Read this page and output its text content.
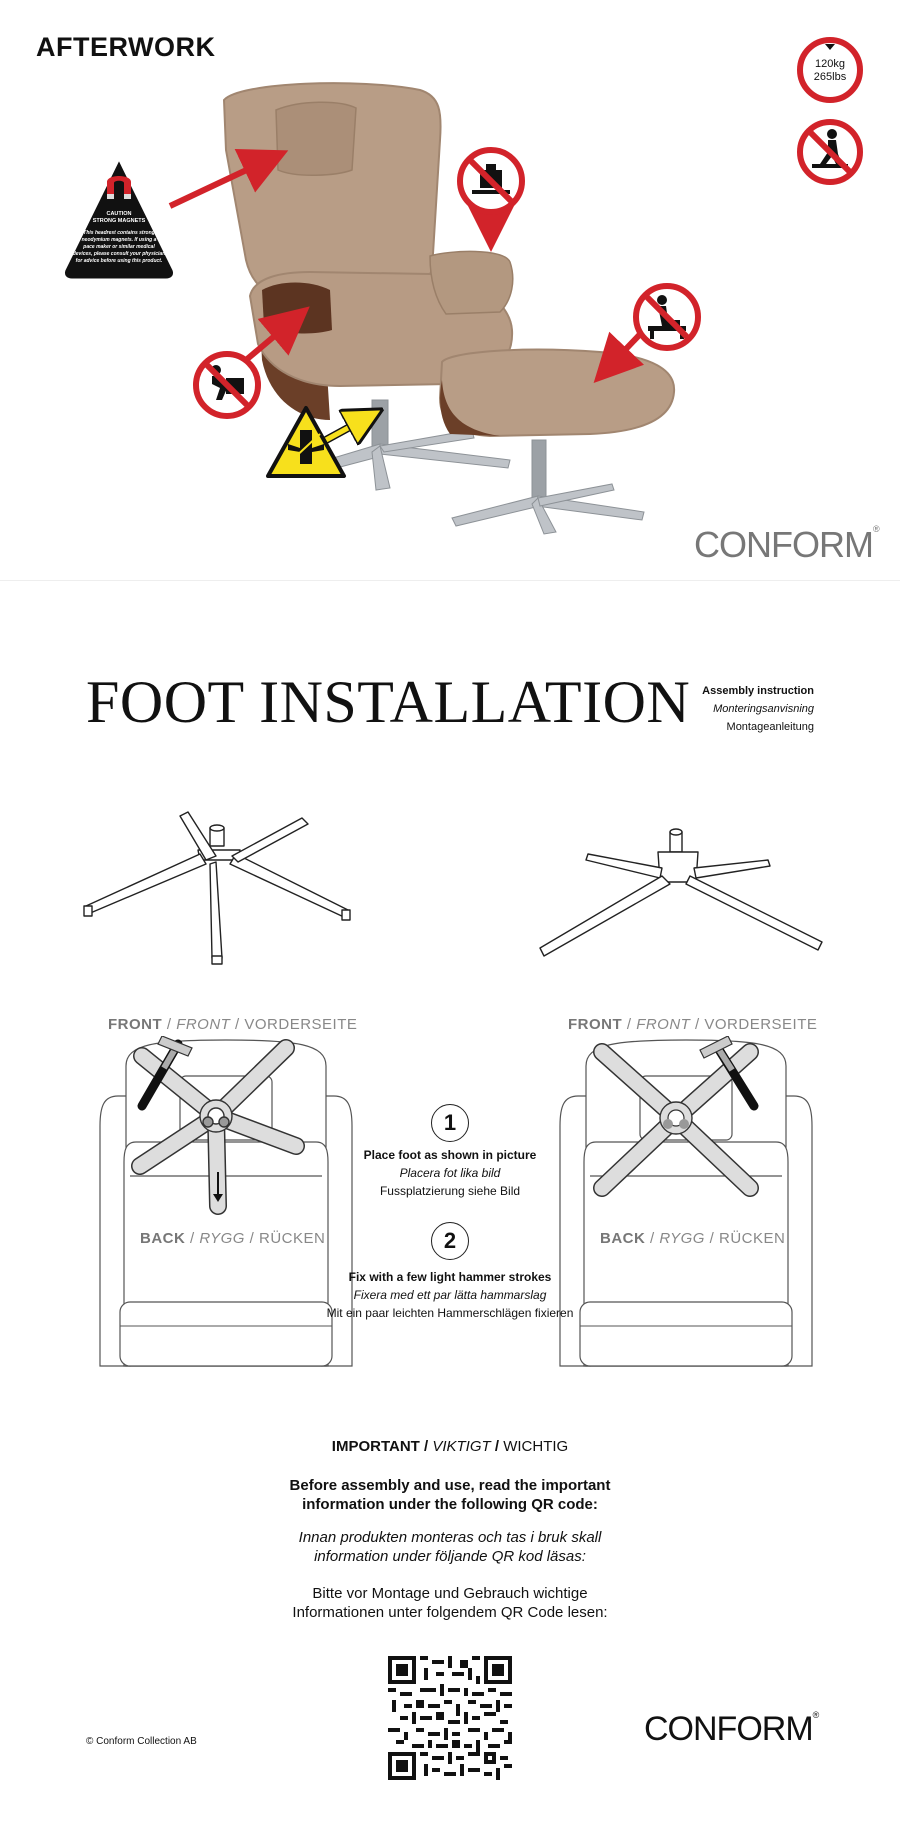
AFTERWORK
CAUTION
STRONG MAGNETS
This headrest contains strong
neodymium magnets. If using a
pace maker or similar medical
devices, please consult your physician
for advice before using this product.
120kg
265lbs
CONFORM®
FOOT INSTALLATION	Assembly instruction
Monteringsanvisning
Montageanleitung
FRONT / FRONT / VORDERSEITE	FRONT / FRONT / VORDERSEITE
BACK / RYGG / RÜCKEN	BACK / RYGG / RÜCKEN
1
Place foot as shown in picture
Placera fot lika bild
Fussplatzierung siehe Bild
2
Fix with a few light hammer strokes
Fixera med ett par lätta hammarslag
Mit ein paar leichten Hammerschlägen fixieren
IMPORTANT / VIKTIGT / WICHTIG
Before assembly and use, read the important
information under the following QR code:
Innan produkten monteras och tas i bruk skall
information under följande QR kod läsas:
Bitte vor Montage und Gebrauch wichtige
Informationen unter folgendem QR Code lesen:
© Conform Collection AB	CONFORM®
